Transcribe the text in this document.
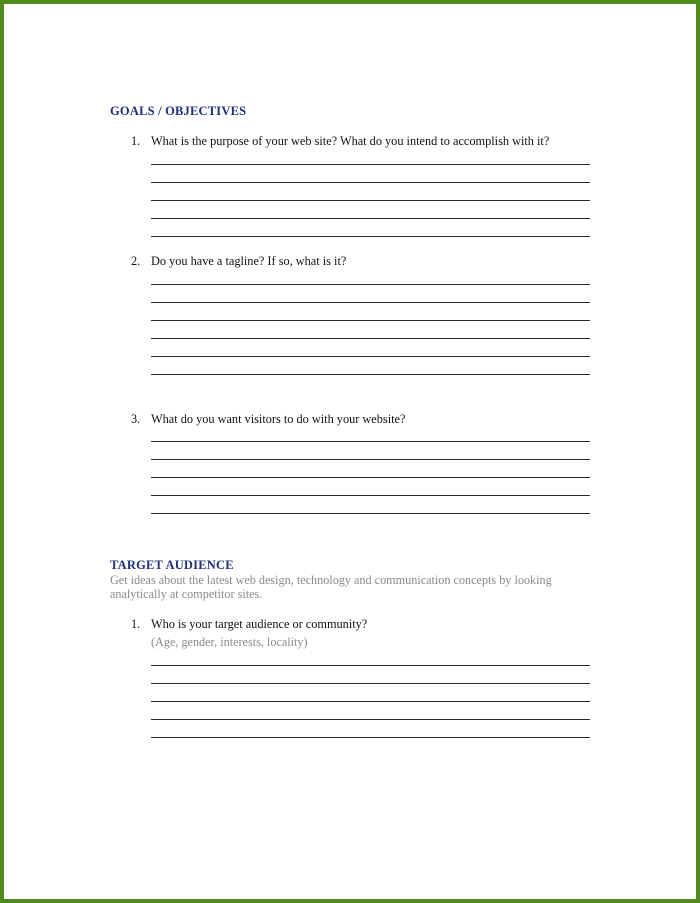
GOALS / OBJECTIVES
1. What is the purpose of your web site? What do you intend to accomplish with it?
2. Do you have a tagline? If so, what is it?
3. What do you want visitors to do with your website?
TARGET AUDIENCE
Get ideas about the latest web design, technology and communication concepts by looking analytically at competitor sites.
1. Who is your target audience or community?
(Age, gender, interests, locality)
